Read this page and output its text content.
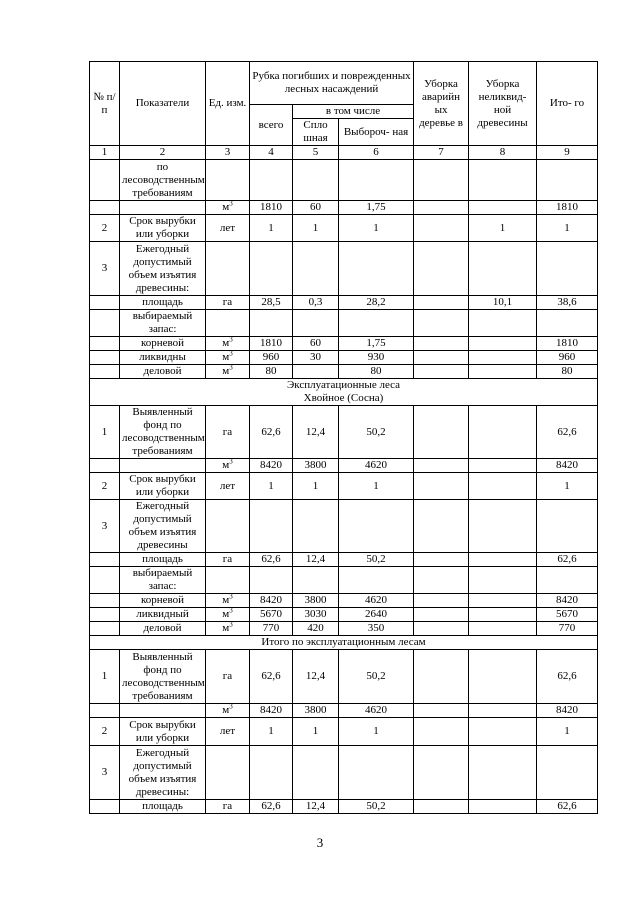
№ п/ п	Показатели	Ед. изм.	Рубка погибших и поврежденных лесных насаждений			Уборка аварийн ых деревье в	Уборка неликвид- ной древесины	Ито- го
			всего	в том числе				
				Спло шная	Выбороч- ная			
1	2	3	4	5	6	7	8	9
	по лесоводственным требованиям							
		$м^3$	1810	60	1,75			1810
2	Срок вырубки или уборки	лет	1	1	1		1	1
3	Ежегодный допустимый объем изъятия древесины:							
	площадь	га	28,5	0,3	28,2		10,1	38,6
	выбираемый запас:							
	корневой	$м^3$	1810	60	1,75			1810
	ликвидны	$м^3$	960	30	930			960
	деловой	$м^3$	80		80			80
Эксплуатационные леса
Хвойное (Сосна)								
1	Выявленный фонд по лесоводственным требованиям	га	62,6	12,4	50,2			62,6
		$м^3$	8420	3800	4620			8420
2	Срок вырубки или уборки	лет	1	1	1			1
3	Ежегодный допустимый объем изъятия древесины							
	площадь	га	62,6	12,4	50,2			62,6
	выбираемый запас:							
	корневой	$м^3$	8420	3800	4620			8420
	ликвидный	$м^3$	5670	3030	2640			5670
	деловой	$м^3$	770	420	350			770
Итого по эксплуатационным лесам								
1	Выявленный фонд по лесоводственным требованиям	га	62,6	12,4	50,2			62,6
		$м^3$	8420	3800	4620			8420
2	Срок вырубки или уборки	лет	1	1	1			1
3	Ежегодный допустимый объем изъятия древесины:							
	площадь	га	62,6	12,4	50,2			62,6
3
